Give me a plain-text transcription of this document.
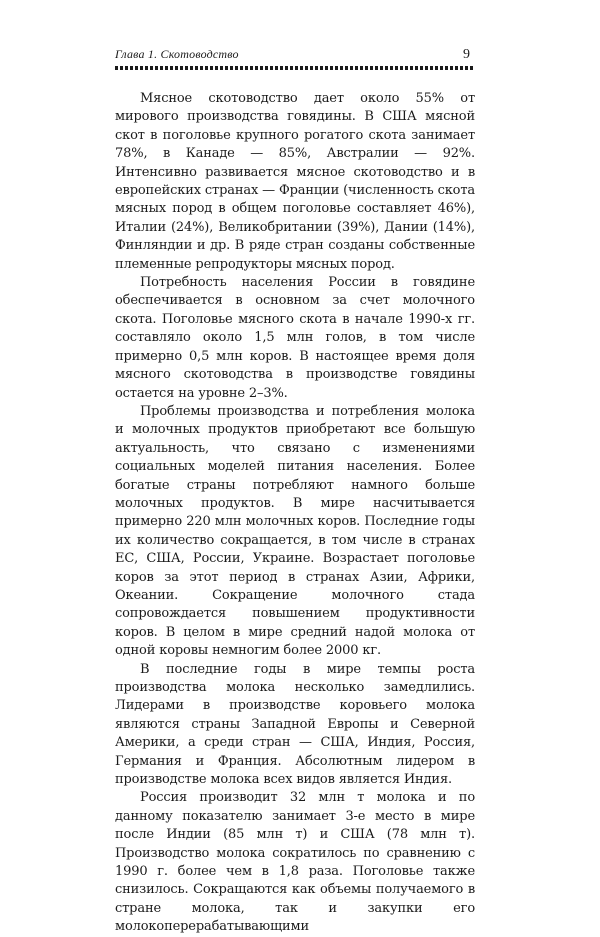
Глава 1. Скотоводство	9

Мясное скотоводство дает около 55% от мирового производства говядины. В США мясной скот в поголовье крупного рогатого скота занимает 78%, в Канаде — 85%, Австралии — 92%. Интенсивно развивается мясное скотоводство и в европейских странах — Франции (численность скота мясных пород в общем поголовье составляет 46%), Италии (24%), Великобритании (39%), Дании (14%), Финляндии и др. В ряде стран созданы собственные племенные репродукторы мясных пород.

Потребность населения России в говядине обеспечивается в основном за счет молочного скота. Поголовье мясного скота в начале 1990-х гг. составляло около 1,5 млн голов, в том числе примерно 0,5 млн коров. В настоящее время доля мясного скотоводства в производстве говядины остается на уровне 2–3%.

Проблемы производства и потребления молока и молочных продуктов приобретают все большую актуальность, что связано с изменениями социальных моделей питания населения. Более богатые страны потребляют намного больше молочных продуктов. В мире насчитывается примерно 220 млн молочных коров. Последние годы их количество сокращается, в том числе в странах ЕС, США, России, Украине. Возрастает поголовье коров за этот период в странах Азии, Африки, Океании. Сокращение молочного стада сопровождается повышением продуктивности коров. В целом в мире средний надой молока от одной коровы немногим более 2000 кг.

В последние годы в мире темпы роста производства молока несколько замедлились. Лидерами в производстве коровьего молока являются страны Западной Европы и Северной Америки, а среди стран — США, Индия, Россия, Германия и Франция. Абсолютным лидером в производстве молока всех видов является Индия.

Россия производит 32 млн т молока и по данному показателю занимает 3-е место в мире после Индии (85 млн т) и США (78 млн т). Производство молока сократилось по сравнению с 1990 г. более чем в 1,8 раза. Поголовье также снизилось. Сокращаются как объемы получаемого в стране молока, так и закупки его молокоперерабатывающими
